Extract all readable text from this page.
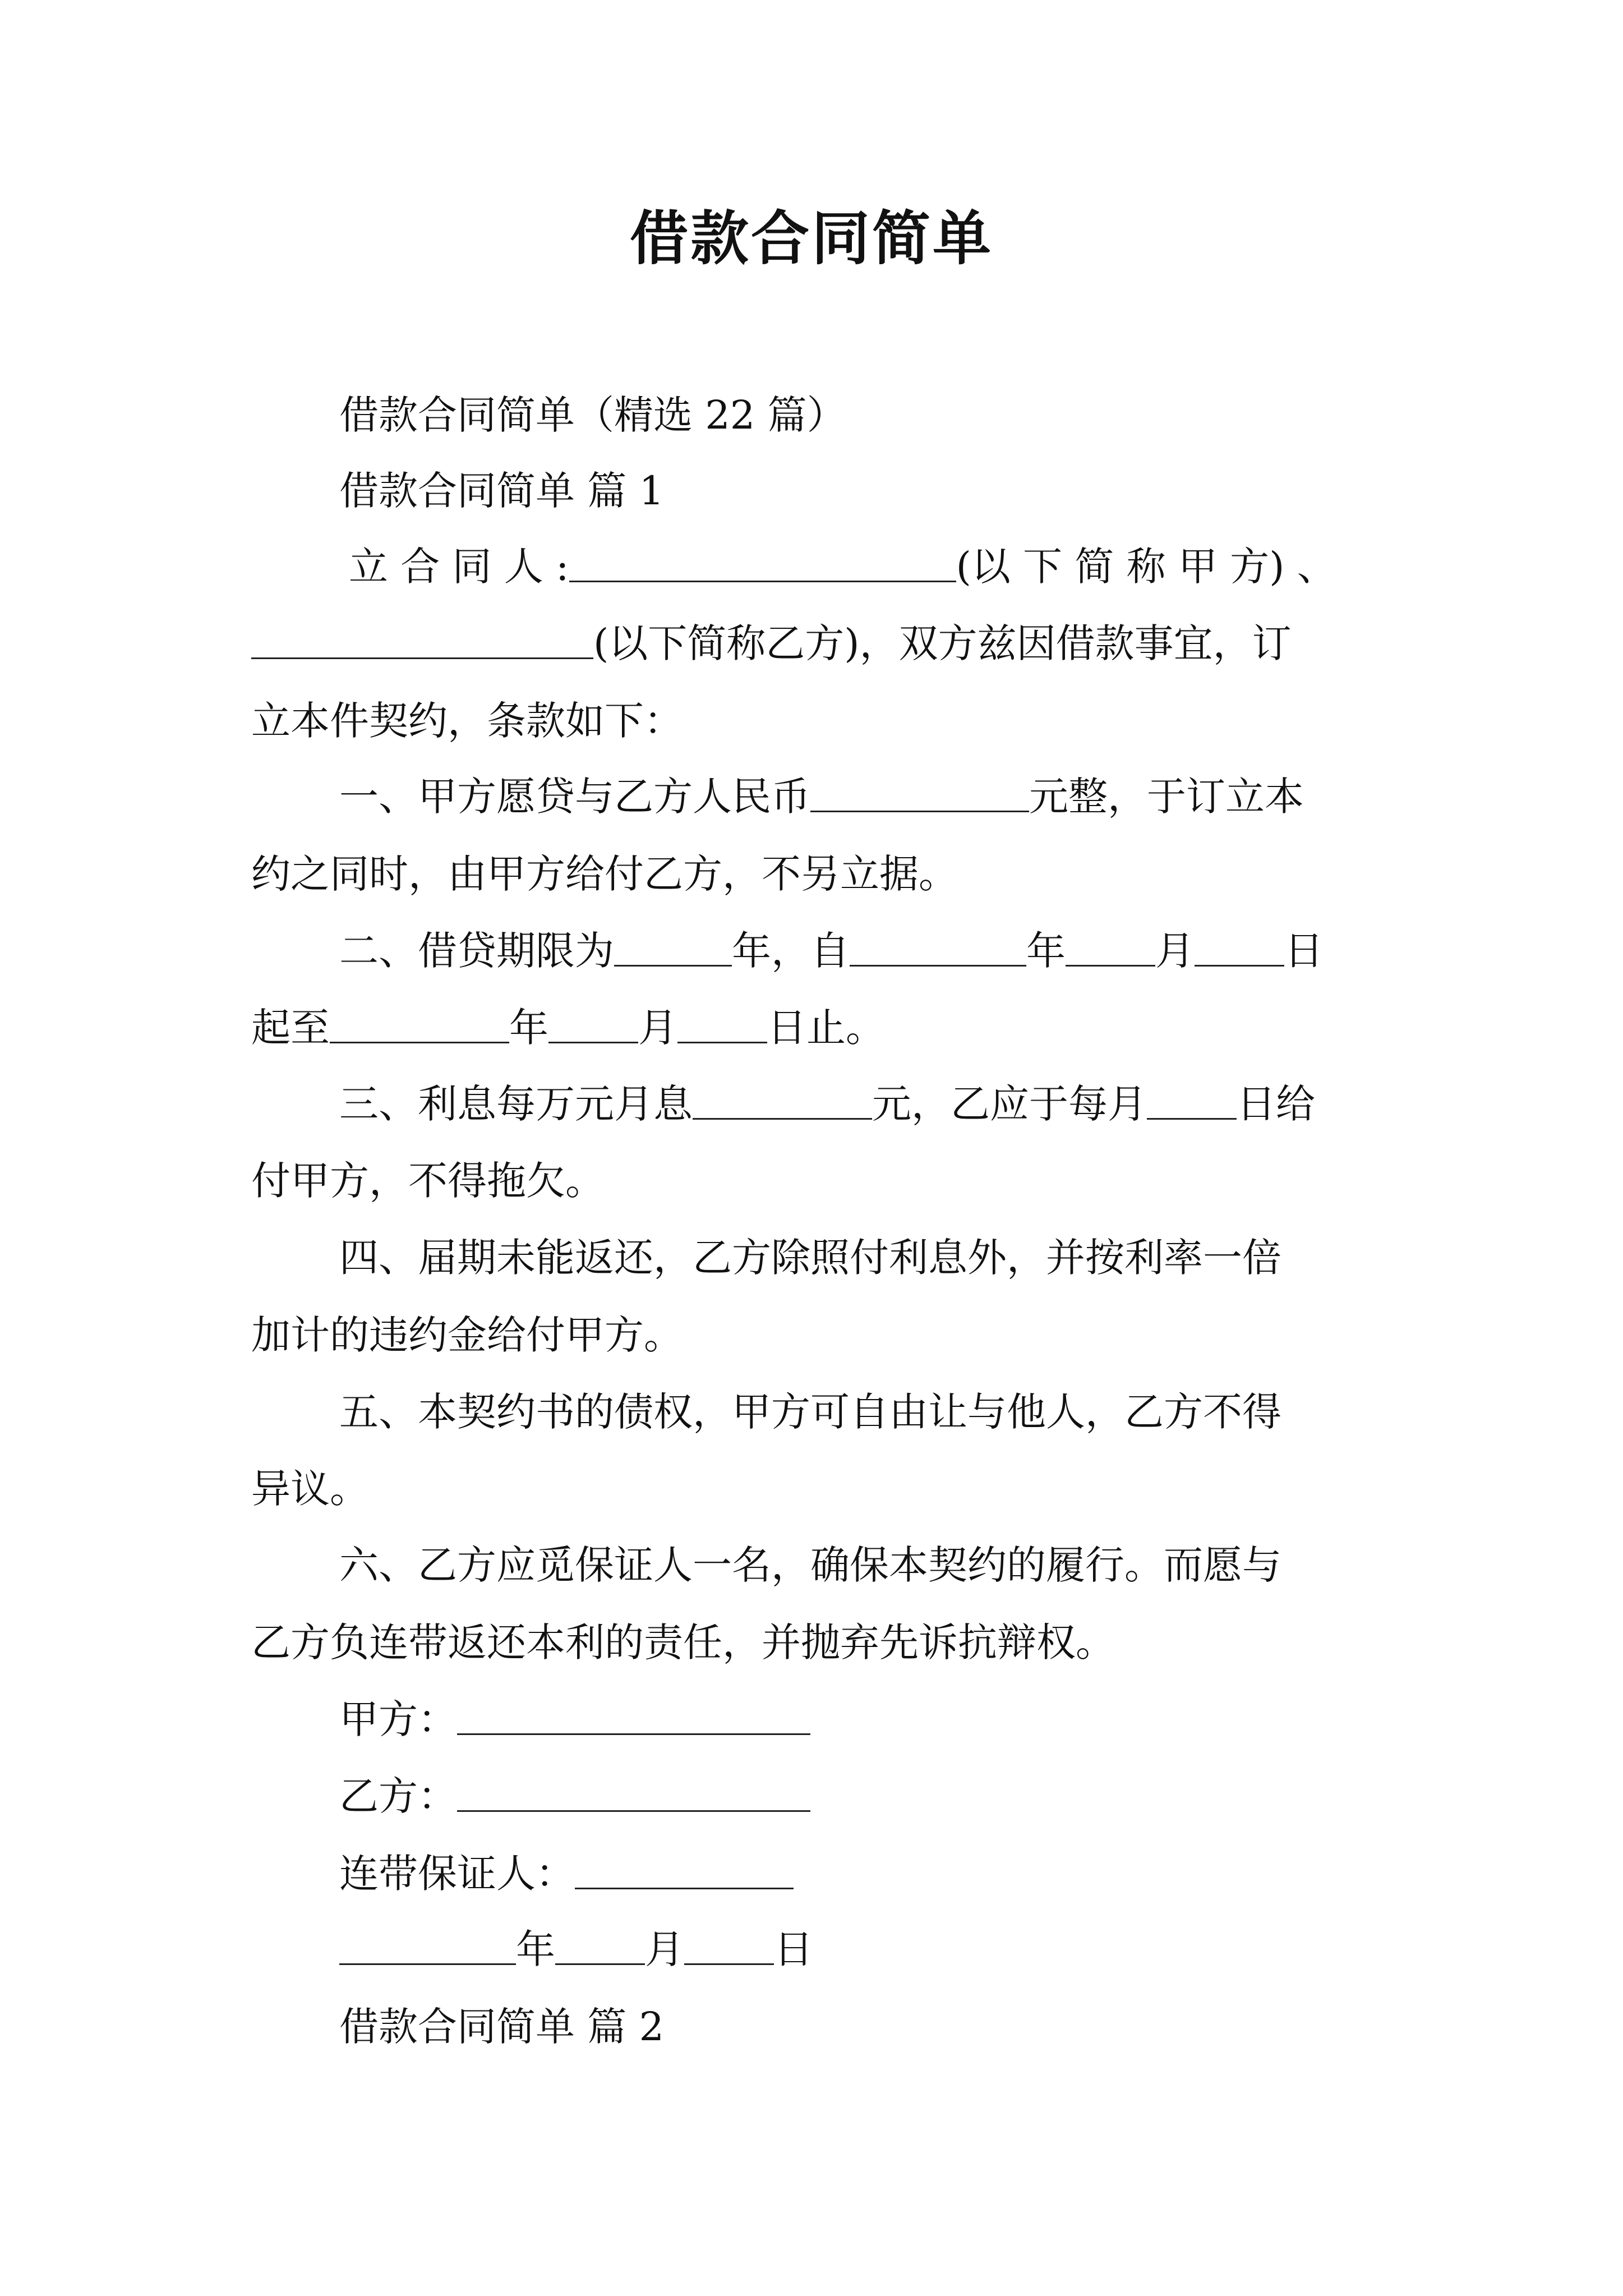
借款合同简单
借款合同简单（精选 22 篇）
借款合同简单 篇 1
立 合 同 人 :	(以 下 简 称 甲 方) 、
(以下简称乙方)，双方兹因借款事宜，订
立本件契约，条款如下：
一、甲方愿贷与乙方人民币	元整，于订立本
约之同时，由甲方给付乙方，不另立据。
二、借贷期限为	年，自	年 月 日
起至	年 月 日止。
三、利息每万元月息	元，乙应于每月 日给
付甲方，不得拖欠。
四、届期未能返还，乙方除照付利息外，并按利率一倍
加计的违约金给付甲方。
五、本契约书的债权，甲方可自由让与他人，乙方不得
异议。
六、乙方应觅保证人一名，确保本契约的履行。而愿与
乙方负连带返还本利的责任，并抛弃先诉抗辩权。
甲方：
乙方：
连带保证人：
年 月 日
借款合同简单 篇 2
